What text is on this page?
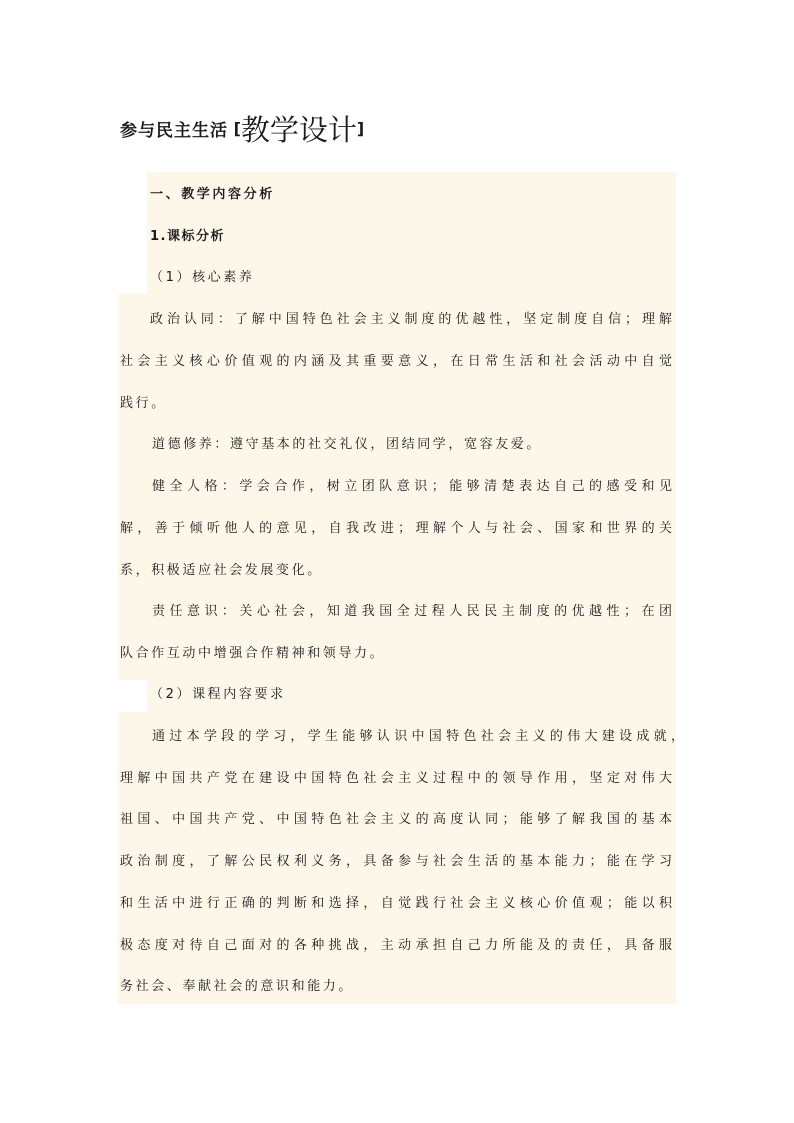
参与民主生活 [教学设计]
一、教学内容分析
1.课标分析
（1）核心素养
政治认同：了解中国特色社会主义制度的优越性，坚定制度自信；理解
社会主义核心价值观的内涵及其重要意义，在日常生活和社会活动中自觉
践行。
道德修养：遵守基本的社交礼仪，团结同学，宽容友爱。
健全人格：学会合作，树立团队意识；能够清楚表达自己的感受和见
解，善于倾听他人的意见，自我改进；理解个人与社会、国家和世界的关
系，积极适应社会发展变化。
责任意识：关心社会，知道我国全过程人民民主制度的优越性；在团
队合作互动中增强合作精神和领导力。
（2）课程内容要求
通过本学段的学习，学生能够认识中国特色社会主义的伟大建设成就，
理解中国共产党在建设中国特色社会主义过程中的领导作用，坚定对伟大
祖国、中国共产党、中国特色社会主义的高度认同；能够了解我国的基本
政治制度，了解公民权利义务，具备参与社会生活的基本能力；能在学习
和生活中进行正确的判断和选择，自觉践行社会主义核心价值观；能以积
极态度对待自己面对的各种挑战，主动承担自己力所能及的责任，具备服
务社会、奉献社会的意识和能力。
